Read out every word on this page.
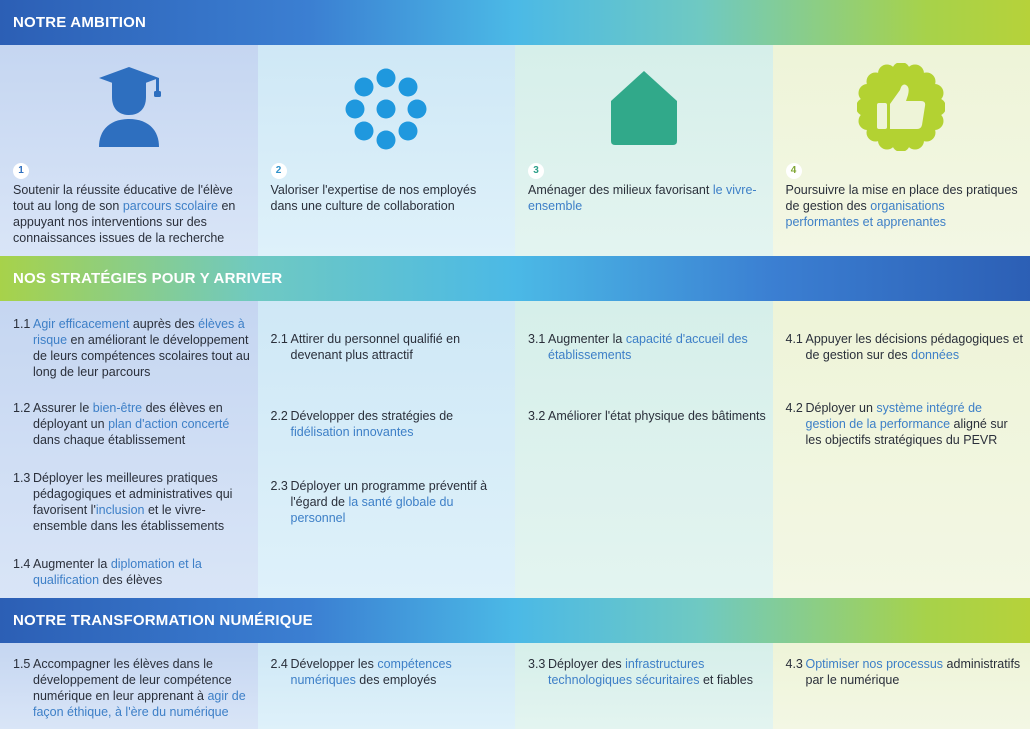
NOTRE AMBITION
1
Soutenir la réussite éducative de l'élève tout au long de son parcours scolaire en appuyant nos interventions sur des connaissances issues de la recherche
2
Valoriser l'expertise de nos employés dans une culture de collaboration
3
Aménager des milieux favorisant le vivre-ensemble
4
Poursuivre la mise en place des pratiques de gestion des organisations performantes et apprenantes
NOS STRATÉGIES POUR Y ARRIVER
1.1 Agir efficacement auprès des élèves à risque en améliorant le développement de leurs compétences scolaires tout au long de leur parcours
1.2 Assurer le bien-être des élèves en déployant un plan d'action concerté dans chaque établissement
1.3 Déployer les meilleures pratiques pédagogiques et administratives qui favorisent l'inclusion et le vivre-ensemble dans les établissements
1.4 Augmenter la diplomation et la qualification des élèves
2.1 Attirer du personnel qualifié en devenant plus attractif
2.2 Développer des stratégies de fidélisation innovantes
2.3 Déployer un programme préventif à l'égard de la santé globale du personnel
3.1 Augmenter la capacité d'accueil des établissements
3.2 Améliorer l'état physique des bâtiments
4.1 Appuyer les décisions pédagogiques et de gestion sur des données
4.2 Déployer un système intégré de gestion de la performance aligné sur les objectifs stratégiques du PEVR
NOTRE TRANSFORMATION NUMÉRIQUE
1.5 Accompagner les élèves dans le développement de leur compétence numérique en leur apprenant à agir de façon éthique, à l'ère du numérique
2.4 Développer les compétences numériques des employés
3.3 Déployer des infrastructures technologiques sécuritaires et fiables
4.3 Optimiser nos processus administratifs par le numérique
